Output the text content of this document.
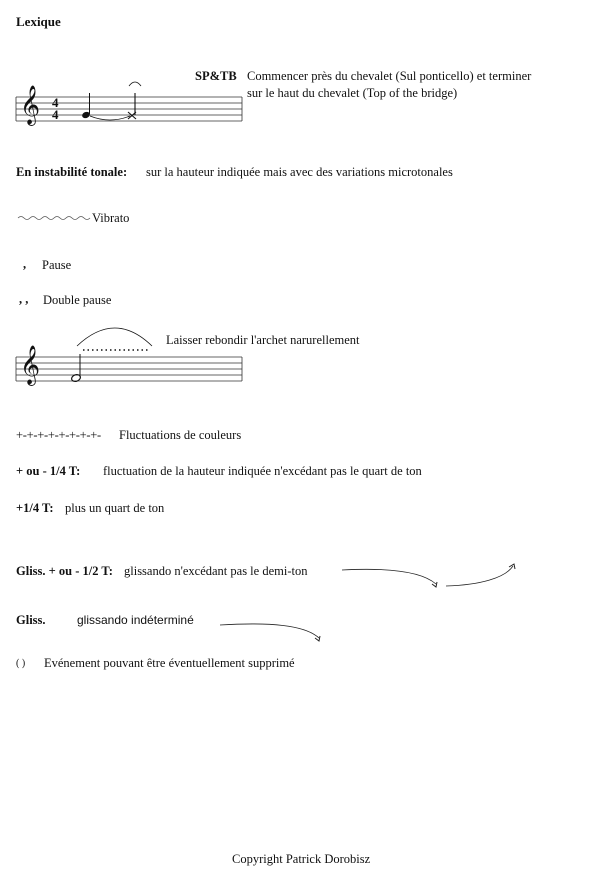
Lexique
SP&TB Commencer près du chevalet (Sul ponticello) et terminer
sur le haut du chevalet (Top of the bridge)
𝄞 4
4
𝄞
En instabilité tonale: sur la hauteur indiquée mais avec des variations microtonales
Vibrato
, Pause
, , Double pause
Laisser rebondir l'archet narurellement
+-+-+-+-+-+-+-+- Fluctuations de couleurs
+ ou - 1/4 T: fluctuation de la hauteur indiquée n'excédant pas le quart de ton
+1/4 T: plus un quart de ton
Gliss. + ou - 1/2 T: glissando n'excédant pas le demi-ton
Gliss.	glissando indéterminé
( ) Evénement pouvant être éventuellement supprimé
Copyright Patrick Dorobisz
